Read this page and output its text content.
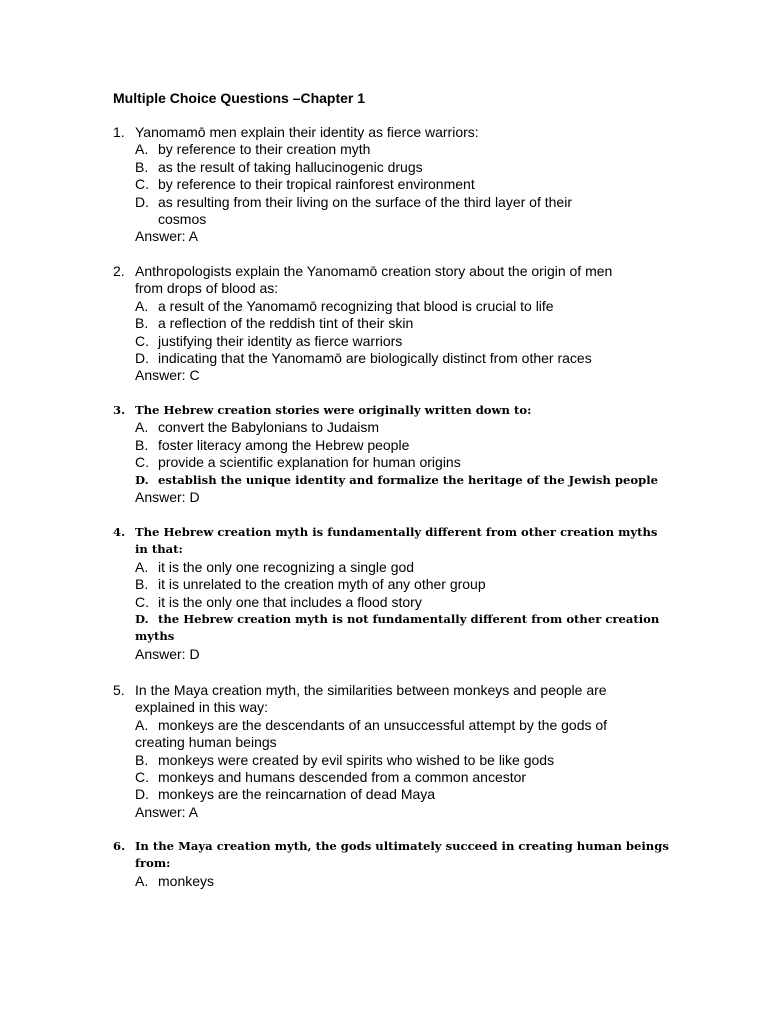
Multiple Choice Questions –Chapter 1
1. Yanomamō men explain their identity as fierce warriors:
A. by reference to their creation myth
B. as the result of taking hallucinogenic drugs
C. by reference to their tropical rainforest environment
D. as resulting from their living on the surface of the third layer of their
cosmos
Answer: A
2. Anthropologists explain the Yanomamō creation story about the origin of men
from drops of blood as:
A. a result of the Yanomamō recognizing that blood is crucial to life
B. a reflection of the reddish tint of their skin
C. justifying their identity as fierce warriors
D. indicating that the Yanomamō are biologically distinct from other races
Answer: C
3. The Hebrew creation stories were originally written down to:
A. convert the Babylonians to Judaism
B. foster literacy among the Hebrew people
C. provide a scientific explanation for human origins
D. establish the unique identity and formalize the heritage of the Jewish people
Answer: D
4. The Hebrew creation myth is fundamentally different from other creation myths
in that:
A. it is the only one recognizing a single god
B. it is unrelated to the creation myth of any other group
C. it is the only one that includes a flood story
D. the Hebrew creation myth is not fundamentally different from other creation
myths
Answer: D
5. In the Maya creation myth, the similarities between monkeys and people are
explained in this way:
A. monkeys are the descendants of an unsuccessful attempt by the gods of
creating human beings
B. monkeys were created by evil spirits who wished to be like gods
C. monkeys and humans descended from a common ancestor
D. monkeys are the reincarnation of dead Maya
Answer: A
6. In the Maya creation myth, the gods ultimately succeed in creating human beings
from:
A. monkeys
